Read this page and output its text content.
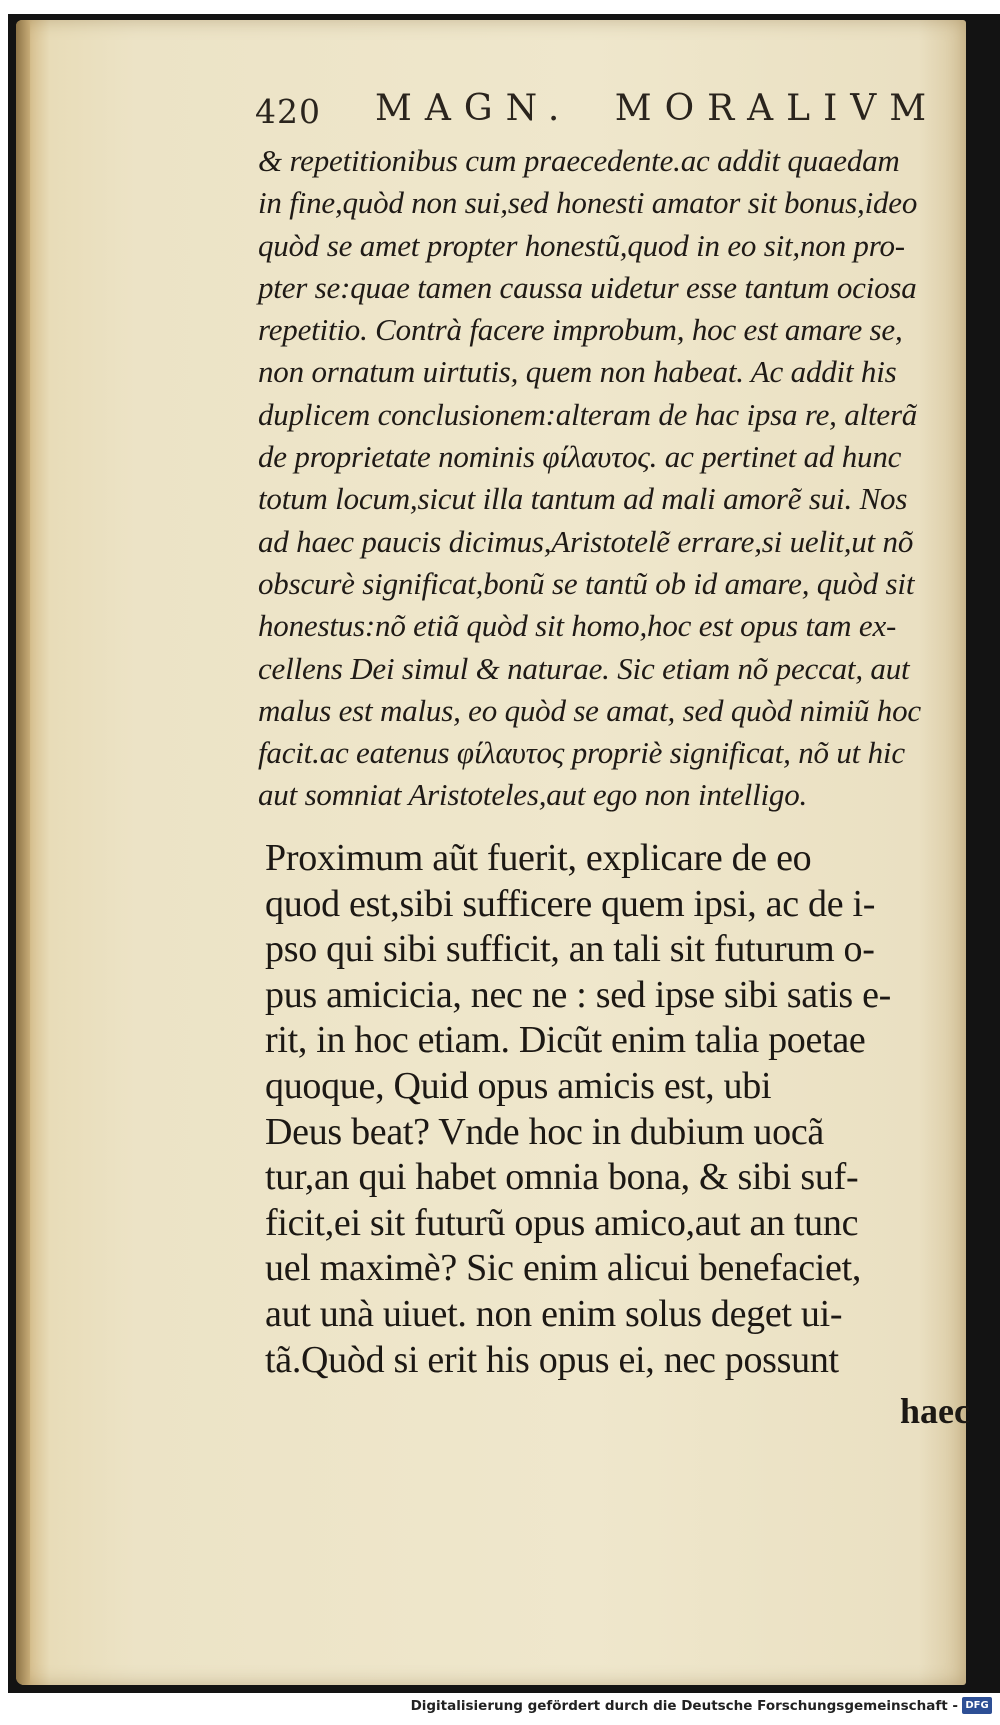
420 MAGN. MORALIVM
& repetitionibus cum praecedente.ac addit quaedam
in fine,quòd non sui,sed honesti amator sit bonus,ideo
quòd se amet propter honestũ,quod in eo sit,non pro-
pter se:quae tamen caussa uidetur esse tantum ociosa
repetitio. Contrà facere improbum, hoc est amare se,
non ornatum uirtutis, quem non habeat. Ac addit his
duplicem conclusionem:alteram de hac ipsa re, alterã
de proprietate nominis φίλαυτος. ac pertinet ad hunc
totum locum,sicut illa tantum ad mali amorẽ sui. Nos
ad haec paucis dicimus,Aristotelẽ errare,si uelit,ut nõ
obscurè significat,bonũ se tantũ ob id amare, quòd sit
honestus:nõ etiã quòd sit homo,hoc est opus tam ex-
cellens Dei simul & naturae. Sic etiam nõ peccat, aut
malus est malus, eo quòd se amat, sed quòd nimiũ hoc
facit.ac eatenus φίλαυτος propriè significat, nõ ut hic
aut somniat Aristoteles,aut ego non intelligo.
Proximum aũt fuerit, explicare de eo
quod est,sibi sufficere quem ipsi, ac de i-
pso qui sibi sufficit, an tali sit futurum o-
pus amicicia, nec ne : sed ipse sibi satis e-
rit, in hoc etiam. Dicũt enim talia poetae
quoque, Quid opus amicis est, ubi
Deus beat? Vnde hoc in dubium uocã
tur,an qui habet omnia bona, & sibi suf-
ficit,ei sit futurũ opus amico,aut an tunc
uel maximè? Sic enim alicui benefaciet,
aut unà uiuet. non enim solus deget ui-
tã.Quòd si erit his opus ei, nec possunt
haec
Digitalisierung gefördert durch die Deutsche Forschungsgemeinschaft - DFG
